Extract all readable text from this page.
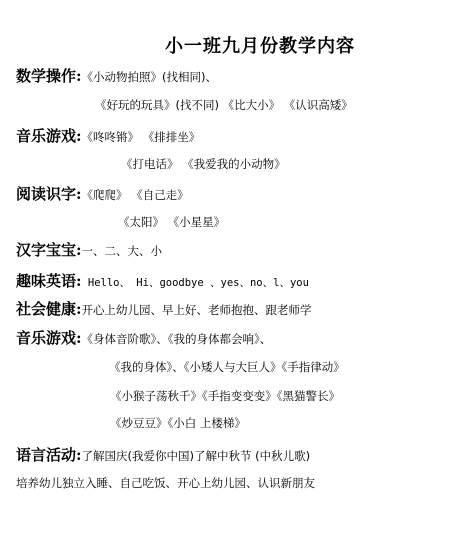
小一班九月份教学内容
数学操作:《小动物拍照》(找相同)、
《好玩的玩具》(找不同) 《比大小》 《认识高矮》
音乐游戏:《咚咚锵》 《排排坐》
《打电话》 《我爱我的小动物》
阅读识字:《爬爬》 《自己走》
《太阳》 《小星星》
汉字宝宝:一、二、大、小
趣味英语: Hello、 Hi、goodbye 、yes、no、l、you
社会健康:开心上幼儿园、早上好、老师抱抱、跟老师学
音乐游戏:《身体音阶歌》、《我的身体都会响》、
《我的身体》、《小矮人与大巨人》《手指律动》
《小猴子荡秋千》《手指变变变》《黑猫警长》
《炒豆豆》《小白 上楼梯》
语言活动:了解国庆(我爱你中国)了解中秋节 (中秋儿歌)
培养幼儿独立入睡、自己吃饭、开心上幼儿园、认识新朋友
